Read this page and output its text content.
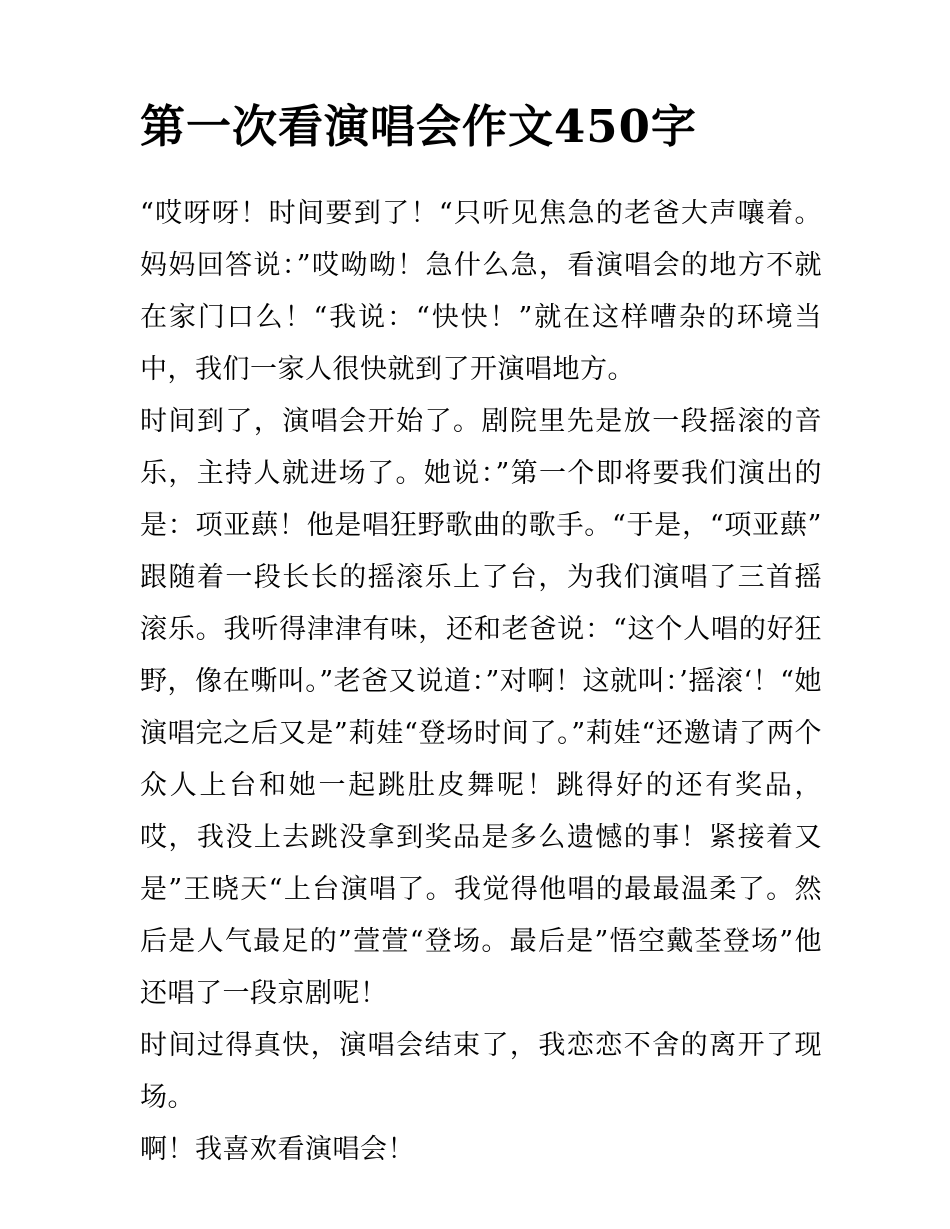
第一次看演唱会作文450字

“哎呀呀！时间要到了！“只听见焦急的老爸大声嚷着。妈妈回答说：”哎呦呦！急什么急，看演唱会的地方不就在家门口么！“我说：“快快！”就在这样嘈杂的环境当中，我们一家人很快就到了开演唱地方。

时间到了，演唱会开始了。剧院里先是放一段摇滚的音乐，主持人就进场了。她说：”第一个即将要我们演出的是：项亚蕻！他是唱狂野歌曲的歌手。“于是，“项亚蕻”跟随着一段长长的摇滚乐上了台，为我们演唱了三首摇滚乐。我听得津津有味，还和老爸说：“这个人唱的好狂野，像在嘶叫。”老爸又说道：”对啊！这就叫：’摇滚‘！“她演唱完之后又是”莉娃“登场时间了。”莉娃“还邀请了两个众人上台和她一起跳肚皮舞呢！跳得好的还有奖品，哎，我没上去跳没拿到奖品是多么遗憾的事！紧接着又是”王晓天“上台演唱了。我觉得他唱的最最温柔了。然后是人气最足的”萱萱“登场。最后是”悟空戴荃登场”他还唱了一段京剧呢！

时间过得真快，演唱会结束了，我恋恋不舍的离开了现场。

啊！我喜欢看演唱会！
